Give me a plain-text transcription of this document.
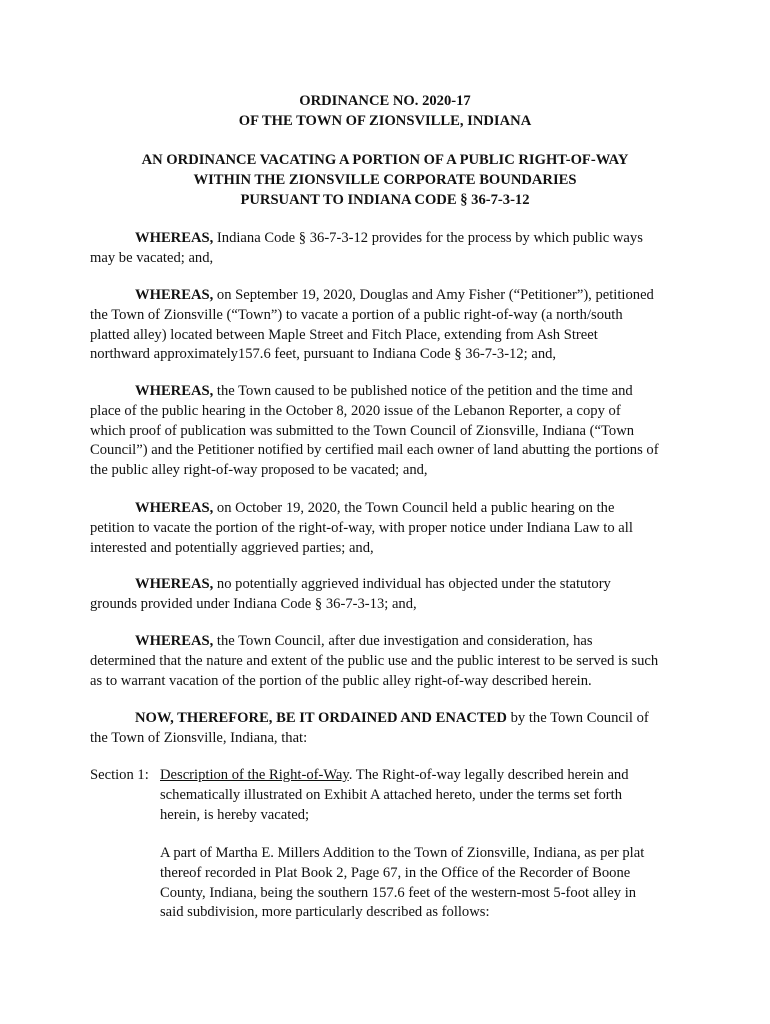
ORDINANCE NO. 2020-17

OF THE TOWN OF ZIONSVILLE, INDIANA

AN ORDINANCE VACATING A PORTION OF A PUBLIC RIGHT-OF-WAY

WITHIN THE ZIONSVILLE CORPORATE BOUNDARIES

PURSUANT TO INDIANA CODE § 36-7-3-12

WHEREAS, Indiana Code § 36-7-3-12 provides for the process by which public ways
may be vacated; and,
WHEREAS, on September 19, 2020, Douglas and Amy Fisher (“Petitioner”), petitioned
the Town of Zionsville (“Town”) to vacate a portion of a public right-of-way (a north/south
platted alley) located between Maple Street and Fitch Place, extending from Ash Street
northward approximately157.6 feet, pursuant to Indiana Code § 36-7-3-12; and,
WHEREAS, the Town caused to be published notice of the petition and the time and
place of the public hearing in the October 8, 2020 issue of the Lebanon Reporter, a copy of
which proof of publication was submitted to the Town Council of Zionsville, Indiana (“Town
Council”) and the Petitioner notified by certified mail each owner of land abutting the portions of
the public alley right-of-way proposed to be vacated; and,
WHEREAS, on October 19, 2020, the Town Council held a public hearing on the
petition to vacate the portion of the right-of-way, with proper notice under Indiana Law to all
interested and potentially aggrieved parties; and,
WHEREAS, no potentially aggrieved individual has objected under the statutory
grounds provided under Indiana Code § 36-7-3-13; and,
WHEREAS, the Town Council, after due investigation and consideration, has
determined that the nature and extent of the public use and the public interest to be served is such
as to warrant vacation of the portion of the public alley right-of-way described herein.
NOW, THEREFORE, BE IT ORDAINED AND ENACTED by the Town Council of
the Town of Zionsville, Indiana, that:
Section 1: Description of the Right-of-Way. The Right-of-way legally described herein and
schematically illustrated on Exhibit A attached hereto, under the terms set forth
herein, is hereby vacated;
A part of Martha E. Millers Addition to the Town of Zionsville, Indiana, as per plat
thereof recorded in Plat Book 2, Page 67, in the Office of the Recorder of Boone
County, Indiana, being the southern 157.6 feet of the western-most 5-foot alley in
said subdivision, more particularly described as follows:
